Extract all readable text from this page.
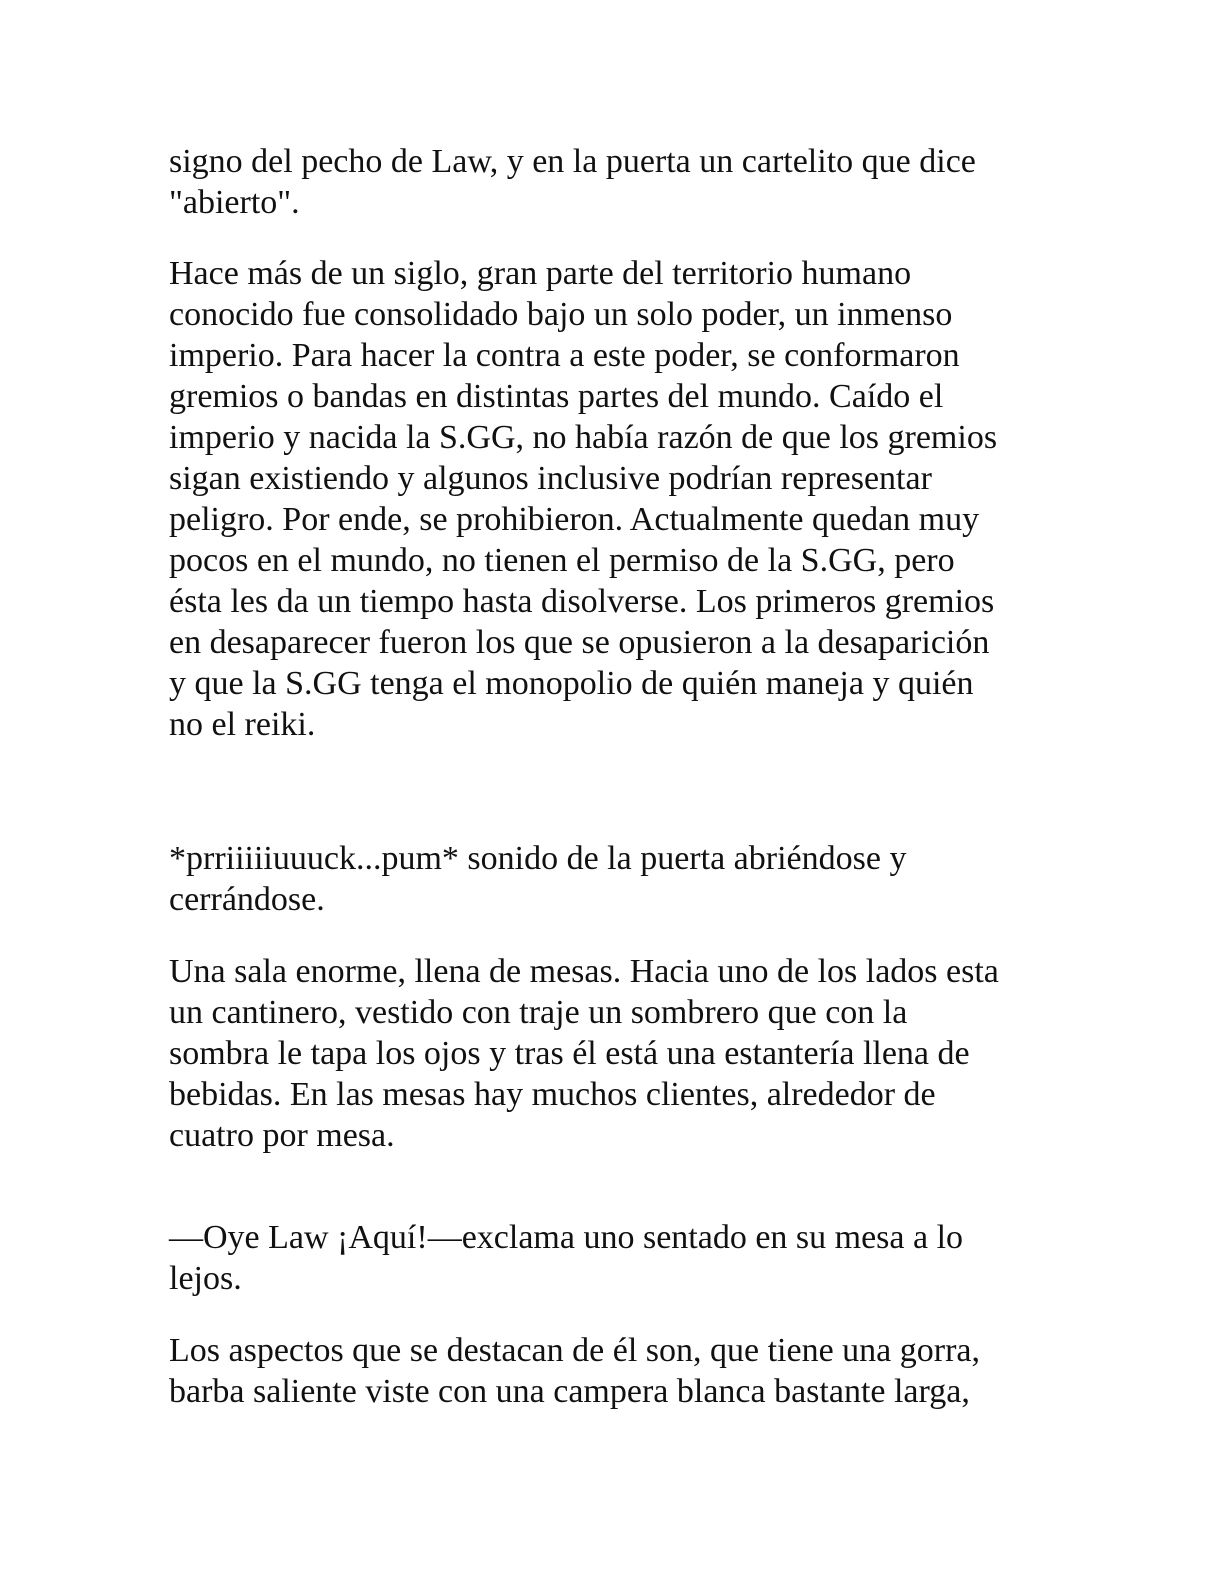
signo del pecho de Law, y en la puerta un cartelito que dice
"abierto".
Hace más de un siglo, gran parte del territorio humano
conocido fue consolidado bajo un solo poder, un inmenso
imperio. Para hacer la contra a este poder, se conformaron
gremios o bandas en distintas partes del mundo. Caído el
imperio y nacida la S.GG, no había razón de que los gremios
sigan existiendo y algunos inclusive podrían representar
peligro. Por ende, se prohibieron. Actualmente quedan muy
pocos en el mundo, no tienen el permiso de la S.GG, pero
ésta les da un tiempo hasta disolverse. Los primeros gremios
en desaparecer fueron los que se opusieron a la desaparición
y que la S.GG tenga el monopolio de quién maneja y quién
no el reiki.
*prriiiiiuuuck...pum* sonido de la puerta abriéndose y
cerrándose.
Una sala enorme, llena de mesas. Hacia uno de los lados esta
un cantinero, vestido con traje un sombrero que con la
sombra le tapa los ojos y tras él está una estantería llena de
bebidas. En las mesas hay muchos clientes, alrededor de
cuatro por mesa.
—Oye Law ¡Aquí!—exclama uno sentado en su mesa a lo
lejos.
Los aspectos que se destacan de él son, que tiene una gorra,
barba saliente viste con una campera blanca bastante larga,
